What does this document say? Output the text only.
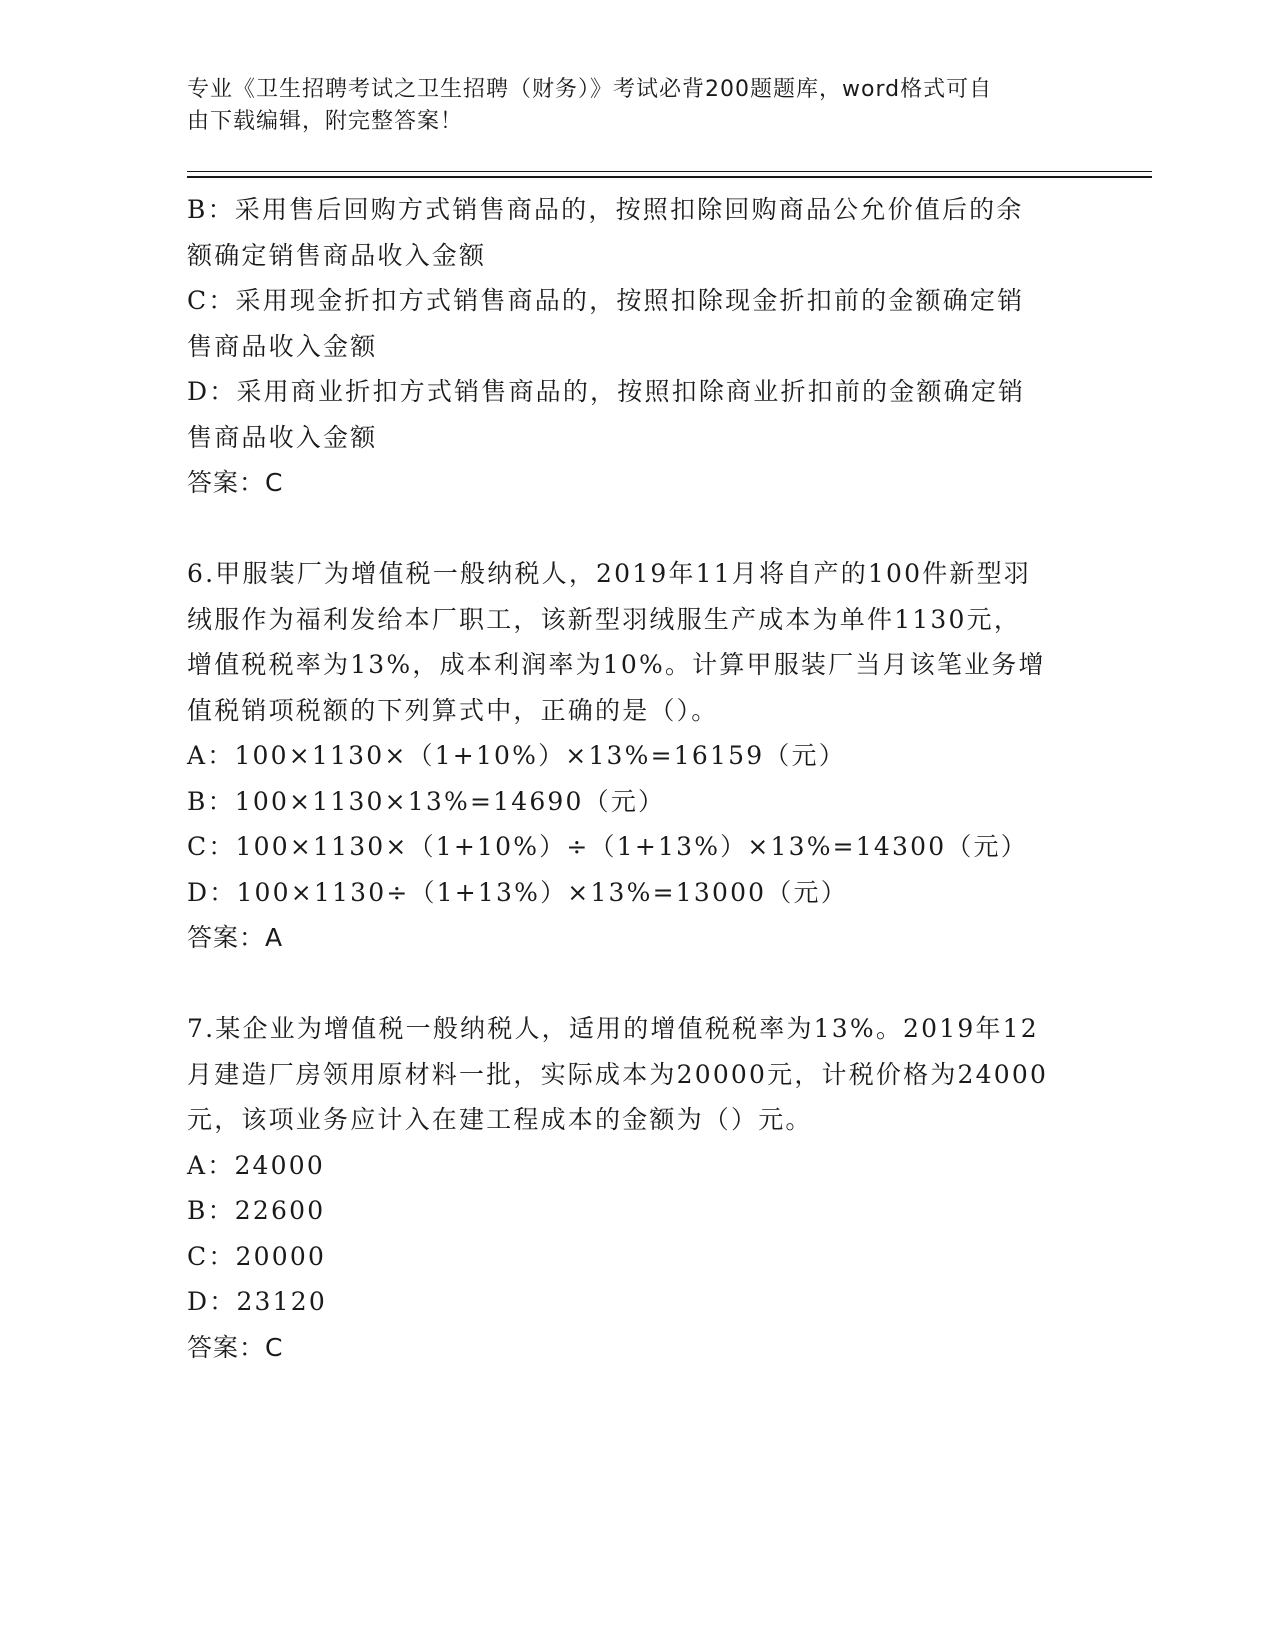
专业《卫生招聘考试之卫生招聘（财务）》考试必背200题题库，word格式可自
由下载编辑，附完整答案！
B：采用售后回购方式销售商品的，按照扣除回购商品公允价值后的余
额确定销售商品收入金额
C：采用现金折扣方式销售商品的，按照扣除现金折扣前的金额确定销
售商品收入金额
D：采用商业折扣方式销售商品的，按照扣除商业折扣前的金额确定销
售商品收入金额
答案：C
6.甲服装厂为增值税一般纳税人，2019年11月将自产的100件新型羽
绒服作为福利发给本厂职工，该新型羽绒服生产成本为单件1130元，
增值税税率为13%，成本利润率为10%。计算甲服装厂当月该笔业务增
值税销项税额的下列算式中，正确的是（）。
A：100×1130×（1+10%）×13%=16159（元）
B：100×1130×13%=14690（元）
C：100×1130×（1+10%）÷（1+13%）×13%=14300（元）
D：100×1130÷（1+13%）×13%=13000（元）
答案：A
7.某企业为增值税一般纳税人，适用的增值税税率为13%。2019年12
月建造厂房领用原材料一批，实际成本为20000元，计税价格为24000
元，该项业务应计入在建工程成本的金额为（）元。
A：24000
B：22600
C：20000
D：23120
答案：C
